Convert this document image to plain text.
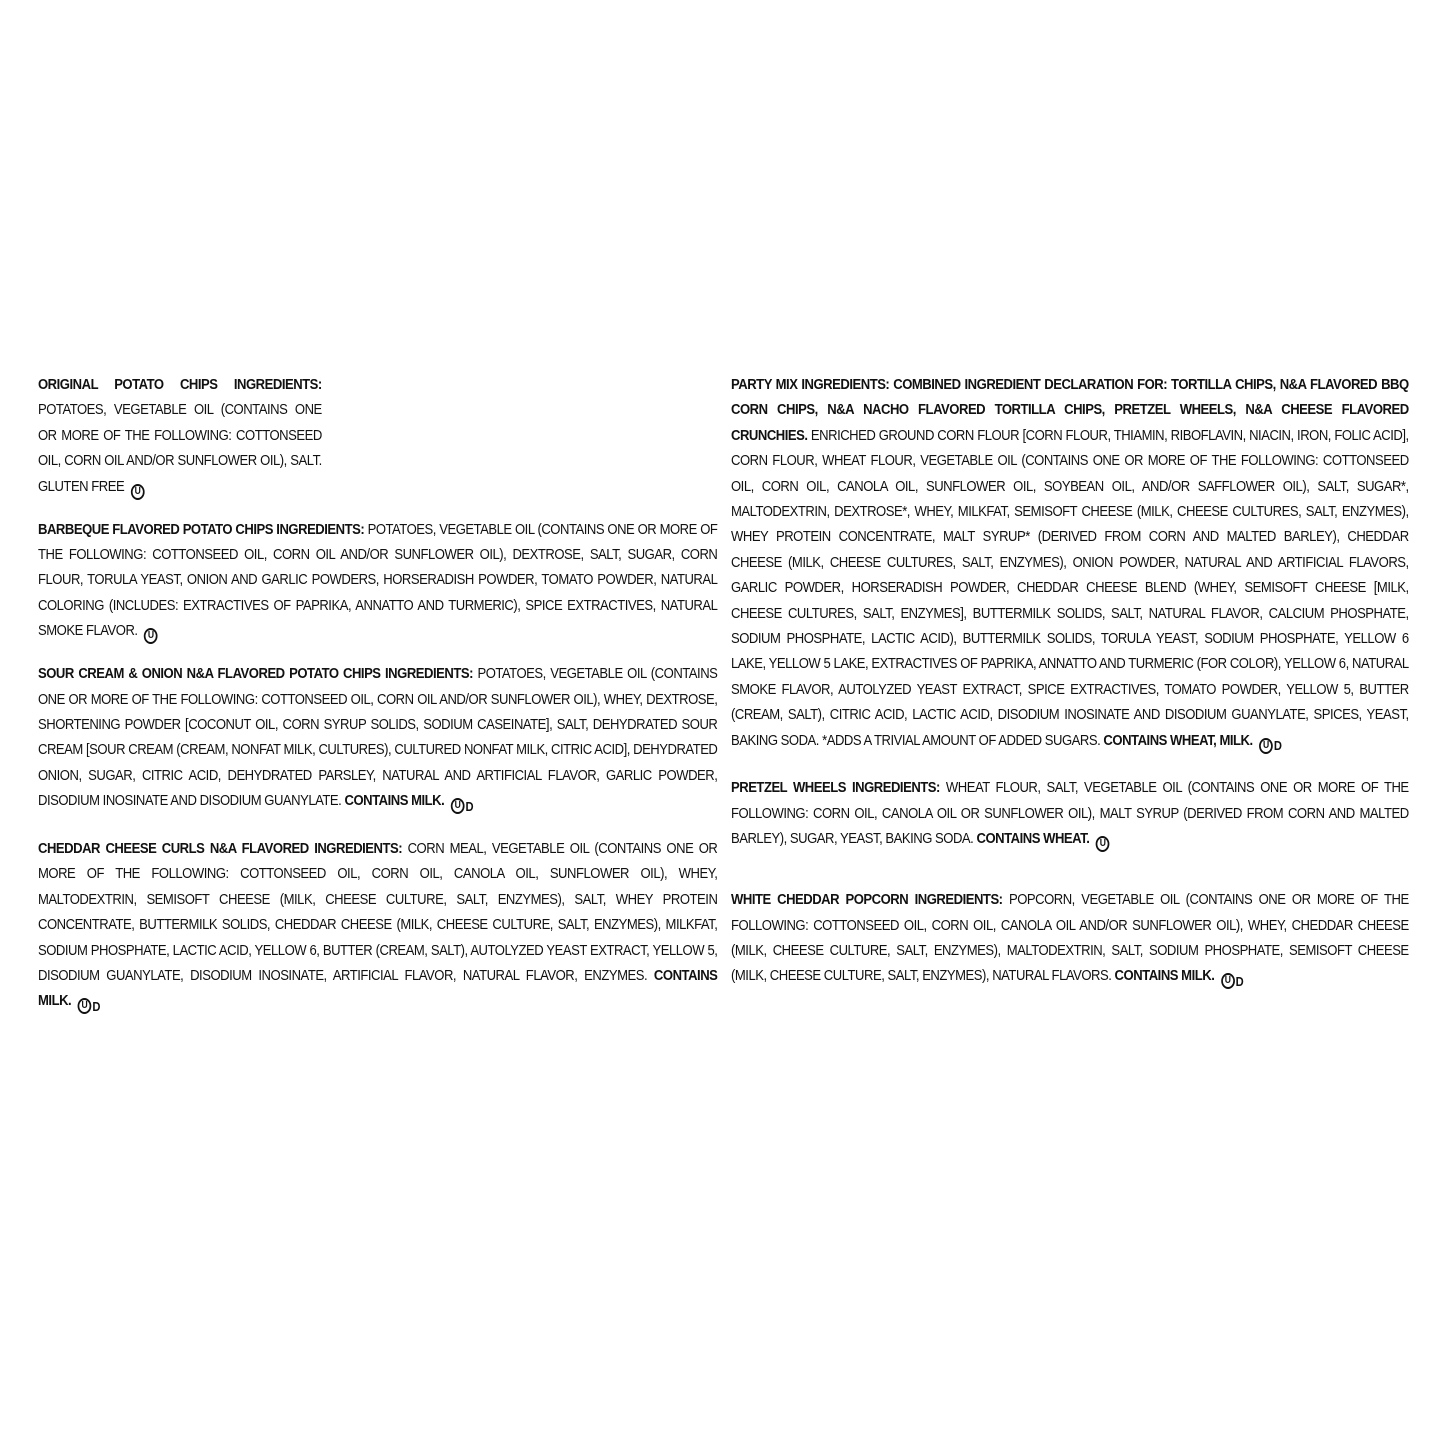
ORIGINAL POTATO CHIPS INGREDIENTS: POTATOES, VEGETABLE OIL (CONTAINS ONE OR MORE OF THE FOLLOWING: COTTONSEED OIL, CORN OIL AND/OR SUNFLOWER OIL), SALT. GLUTEN FREE	U

BARBEQUE FLAVORED POTATO CHIPS INGREDIENTS: POTATOES, VEGETABLE OIL (CONTAINS ONE OR MORE OF THE FOLLOWING: COTTONSEED OIL, CORN OIL AND/OR SUNFLOWER OIL), DEXTROSE, SALT, SUGAR, CORN FLOUR, TORULA YEAST, ONION AND GARLIC POWDERS, HORSERADISH POWDER, TOMATO POWDER, NATURAL COLORING (INCLUDES: EXTRACTIVES OF PAPRIKA, ANNATTO AND TURMERIC), SPICE EXTRACTIVES, NATURAL SMOKE FLAVOR.	U

SOUR CREAM & ONION N&A FLAVORED POTATO CHIPS INGREDIENTS: POTATOES, VEGETABLE OIL (CONTAINS ONE OR MORE OF THE FOLLOWING: COTTONSEED OIL, CORN OIL AND/OR SUNFLOWER OIL), WHEY, DEXTROSE, SHORTENING POWDER [COCONUT OIL, CORN SYRUP SOLIDS, SODIUM CASEINATE], SALT, DEHYDRATED SOUR CREAM [SOUR CREAM (CREAM, NONFAT MILK, CULTURES), CULTURED NONFAT MILK, CITRIC ACID], DEHYDRATED ONION, SUGAR, CITRIC ACID, DEHYDRATED PARSLEY, NATURAL AND ARTIFICIAL FLAVOR, GARLIC POWDER, DISODIUM INOSINATE AND DISODIUM GUANYLATE. CONTAINS MILK.	U D

CHEDDAR CHEESE CURLS N&A FLAVORED INGREDIENTS: CORN MEAL, VEGETABLE OIL (CONTAINS ONE OR MORE OF THE FOLLOWING: COTTONSEED OIL, CORN OIL, CANOLA OIL, SUNFLOWER OIL), WHEY, MALTODEXTRIN, SEMISOFT CHEESE (MILK, CHEESE CULTURE, SALT, ENZYMES), SALT, WHEY PROTEIN CONCENTRATE, BUTTERMILK SOLIDS, CHEDDAR CHEESE (MILK, CHEESE CULTURE, SALT, ENZYMES), MILKFAT, SODIUM PHOSPHATE, LACTIC ACID, YELLOW 6, BUTTER (CREAM, SALT), AUTOLYZED YEAST EXTRACT, YELLOW 5, DISODIUM GUANYLATE, DISODIUM INOSINATE, ARTIFICIAL FLAVOR, NATURAL FLAVOR, ENZYMES. CONTAINS MILK.	U D

PARTY MIX INGREDIENTS: COMBINED INGREDIENT DECLARATION FOR: TORTILLA CHIPS, N&A FLAVORED BBQ CORN CHIPS, N&A NACHO FLAVORED TORTILLA CHIPS, PRETZEL WHEELS, N&A CHEESE FLAVORED CRUNCHIES. ENRICHED GROUND CORN FLOUR [CORN FLOUR, THIAMIN, RIBOFLAVIN, NIACIN, IRON, FOLIC ACID], CORN FLOUR, WHEAT FLOUR, VEGETABLE OIL (CONTAINS ONE OR MORE OF THE FOLLOWING: COTTONSEED OIL, CORN OIL, CANOLA OIL, SUNFLOWER OIL, SOYBEAN OIL, AND/OR SAFFLOWER OIL), SALT, SUGAR*, MALTODEXTRIN, DEXTROSE*, WHEY, MILKFAT, SEMISOFT CHEESE (MILK, CHEESE CULTURES, SALT, ENZYMES), WHEY PROTEIN CONCENTRATE, MALT SYRUP* (DERIVED FROM CORN AND MALTED BARLEY), CHEDDAR CHEESE (MILK, CHEESE CULTURES, SALT, ENZYMES), ONION POWDER, NATURAL AND ARTIFICIAL FLAVORS, GARLIC POWDER, HORSERADISH POWDER, CHEDDAR CHEESE BLEND (WHEY, SEMISOFT CHEESE [MILK, CHEESE CULTURES, SALT, ENZYMES], BUTTERMILK SOLIDS, SALT, NATURAL FLAVOR, CALCIUM PHOSPHATE, SODIUM PHOSPHATE, LACTIC ACID), BUTTERMILK SOLIDS, TORULA YEAST, SODIUM PHOSPHATE, YELLOW 6 LAKE, YELLOW 5 LAKE, EXTRACTIVES OF PAPRIKA, ANNATTO AND TURMERIC (FOR COLOR), YELLOW 6, NATURAL SMOKE FLAVOR, AUTOLYZED YEAST EXTRACT, SPICE EXTRACTIVES, TOMATO POWDER, YELLOW 5, BUTTER (CREAM, SALT), CITRIC ACID, LACTIC ACID, DISODIUM INOSINATE AND DISODIUM GUANYLATE, SPICES, YEAST, BAKING SODA. *ADDS A TRIVIAL AMOUNT OF ADDED SUGARS. CONTAINS WHEAT, MILK.	U D

PRETZEL WHEELS INGREDIENTS: WHEAT FLOUR, SALT, VEGETABLE OIL (CONTAINS ONE OR MORE OF THE FOLLOWING: CORN OIL, CANOLA OIL OR SUNFLOWER OIL), MALT SYRUP (DERIVED FROM CORN AND MALTED BARLEY), SUGAR, YEAST, BAKING SODA. CONTAINS WHEAT.	U

WHITE CHEDDAR POPCORN INGREDIENTS: POPCORN, VEGETABLE OIL (CONTAINS ONE OR MORE OF THE FOLLOWING: COTTONSEED OIL, CORN OIL, CANOLA OIL AND/OR SUNFLOWER OIL), WHEY, CHEDDAR CHEESE (MILK, CHEESE CULTURE, SALT, ENZYMES), MALTODEXTRIN, SALT, SODIUM PHOSPHATE, SEMISOFT CHEESE (MILK, CHEESE CULTURE, SALT, ENZYMES), NATURAL FLAVORS. CONTAINS MILK.	U D
